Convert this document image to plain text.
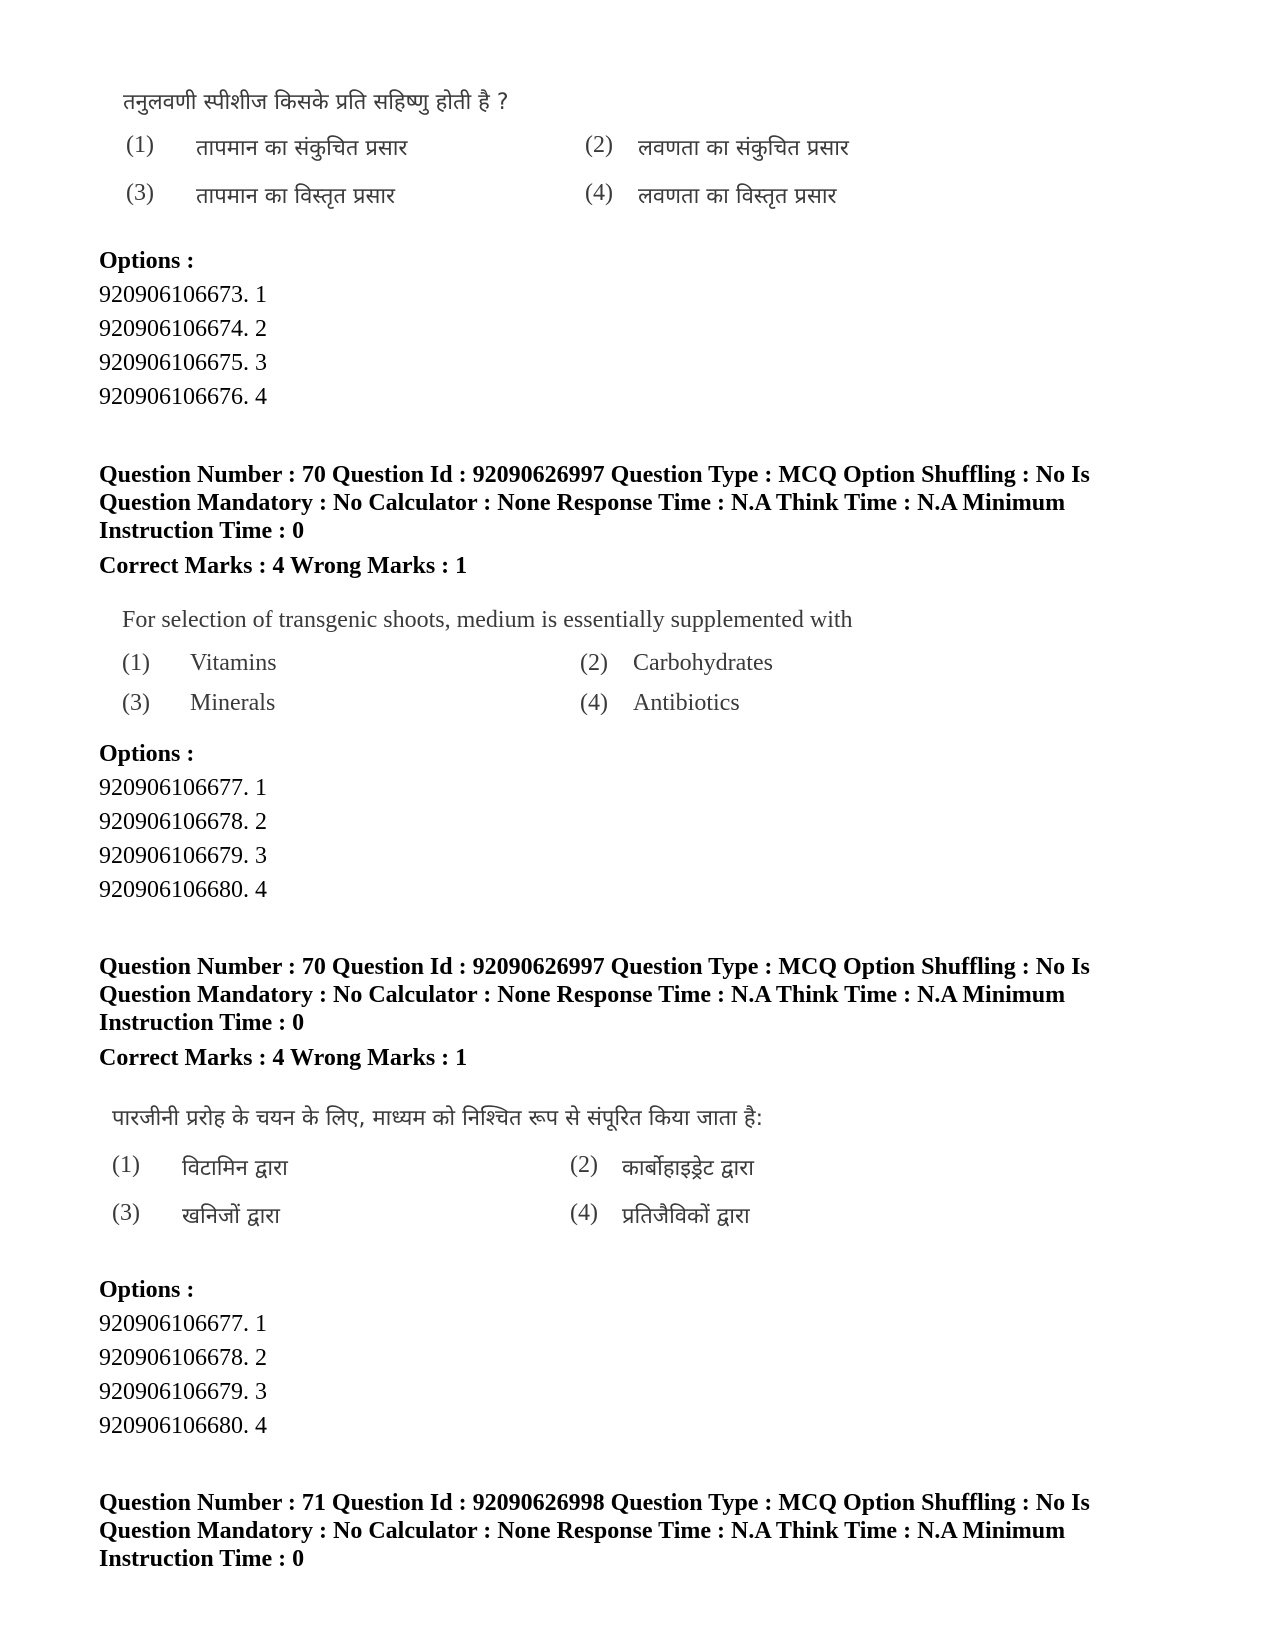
तनुलवणी स्पीशीज किसके प्रति सहिष्णु होती है ?
(1) तापमान का संकुचित प्रसार	(2) लवणता का संकुचित प्रसार
(3) तापमान का विस्तृत प्रसार	(4) लवणता का विस्तृत प्रसार
Options :
920906106673. 1
920906106674. 2
920906106675. 3
920906106676. 4
Question Number : 70 Question Id : 92090626997 Question Type : MCQ Option Shuffling : No Is Question Mandatory : No Calculator : None Response Time : N.A Think Time : N.A Minimum Instruction Time : 0
Correct Marks : 4 Wrong Marks : 1
For selection of transgenic shoots, medium is essentially supplemented with
(1) Vitamins	(2) Carbohydrates
(3) Minerals	(4) Antibiotics
Options :
920906106677. 1
920906106678. 2
920906106679. 3
920906106680. 4
Question Number : 70 Question Id : 92090626997 Question Type : MCQ Option Shuffling : No Is Question Mandatory : No Calculator : None Response Time : N.A Think Time : N.A Minimum Instruction Time : 0
Correct Marks : 4 Wrong Marks : 1
पारजीनी प्ररोह के चयन के लिए, माध्यम को निश्चित रूप से संपूरित किया जाता है:
(1) विटामिन द्वारा	(2) कार्बोहाइड्रेट द्वारा
(3) खनिजों द्वारा	(4) प्रतिजैविकों द्वारा
Options :
920906106677. 1
920906106678. 2
920906106679. 3
920906106680. 4
Question Number : 71 Question Id : 92090626998 Question Type : MCQ Option Shuffling : No Is Question Mandatory : No Calculator : None Response Time : N.A Think Time : N.A Minimum Instruction Time : 0
